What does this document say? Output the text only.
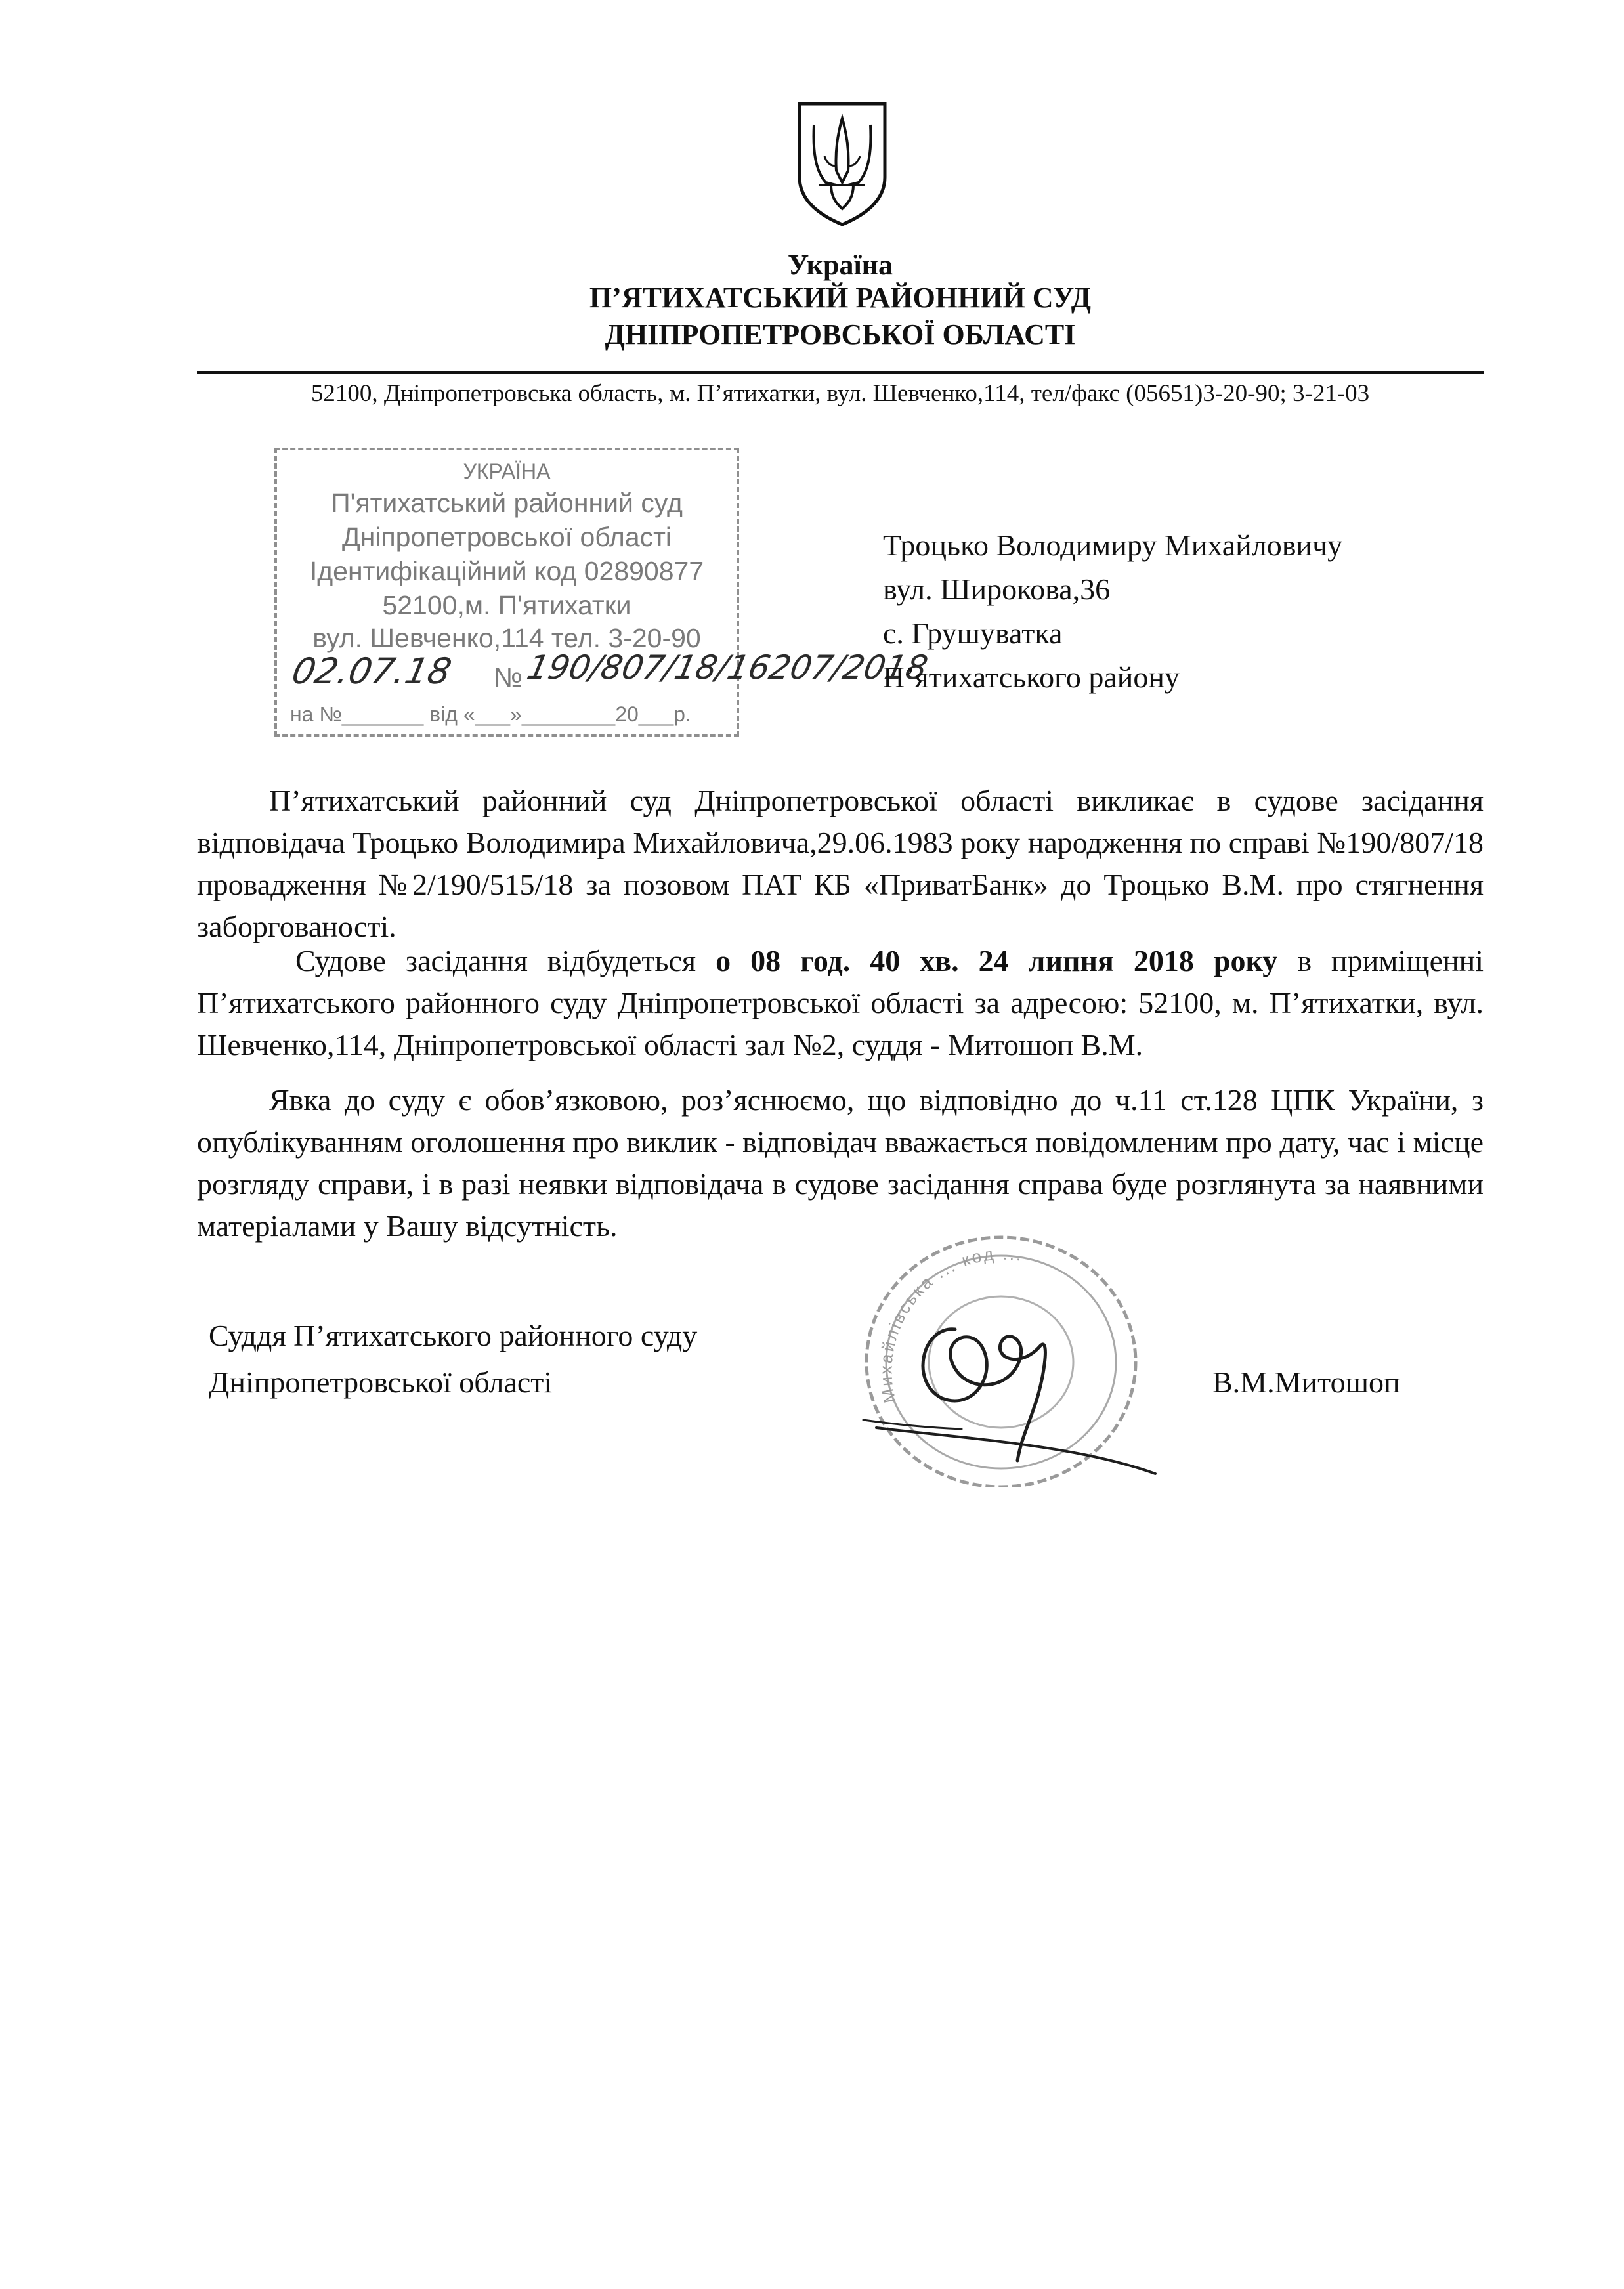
Україна
П’ЯТИХАТСЬКИЙ РАЙОННИЙ СУД
ДНІПРОПЕТРОВСЬКОЇ ОБЛАСТІ
52100, Дніпропетровська область, м. П’ятихатки, вул. Шевченко,114, тел/факс (05651)3-20-90; 3-21-03
УКРАЇНА
П'ятихатський районний суд
Дніпропетровської області
Ідентифікаційний код 02890877
52100,м. П'ятихатки
вул. Шевченко,114 тел. 3-20-90
02.07.18 № 190/807/18/16207/2018
на №_______ від «___»________20___р.
Троцько Володимиру Михайловичу
вул. Широкова,36
с. Грушуватка
П’ятихатського району

П’ятихатський районний суд Дніпропетровської області викликає в судове засідання відповідача Троцько Володимира Михайловича,29.06.1983 року народження по справі №190/807/18 провадження №2/190/515/18 за позовом ПАТ КБ «ПриватБанк» до Троцько В.М. про стягнення заборгованості.

Судове засідання відбудеться о 08 год. 40 хв. 24 липня 2018 року в приміщенні П’ятихатського районного суду Дніпропетровської області за адресою: 52100, м. П’ятихатки, вул. Шевченко,114, Дніпропетровської області зал №2, суддя - Митошоп В.М.

Явка до суду є обов’язковою, роз’яснюємо, що відповідно до ч.11 ст.128 ЦПК України, з опублікуванням оголошення про виклик - відповідач вважається повідомленим про дату, час і місце розгляду справи, і в разі неявки відповідача в судове засідання справа буде розглянута за наявними матеріалами у Вашу відсутність.

Михайлівська ... код ...
Суддя П’ятихатського районного суду
Дніпропетровської області	В.М.Митошоп
